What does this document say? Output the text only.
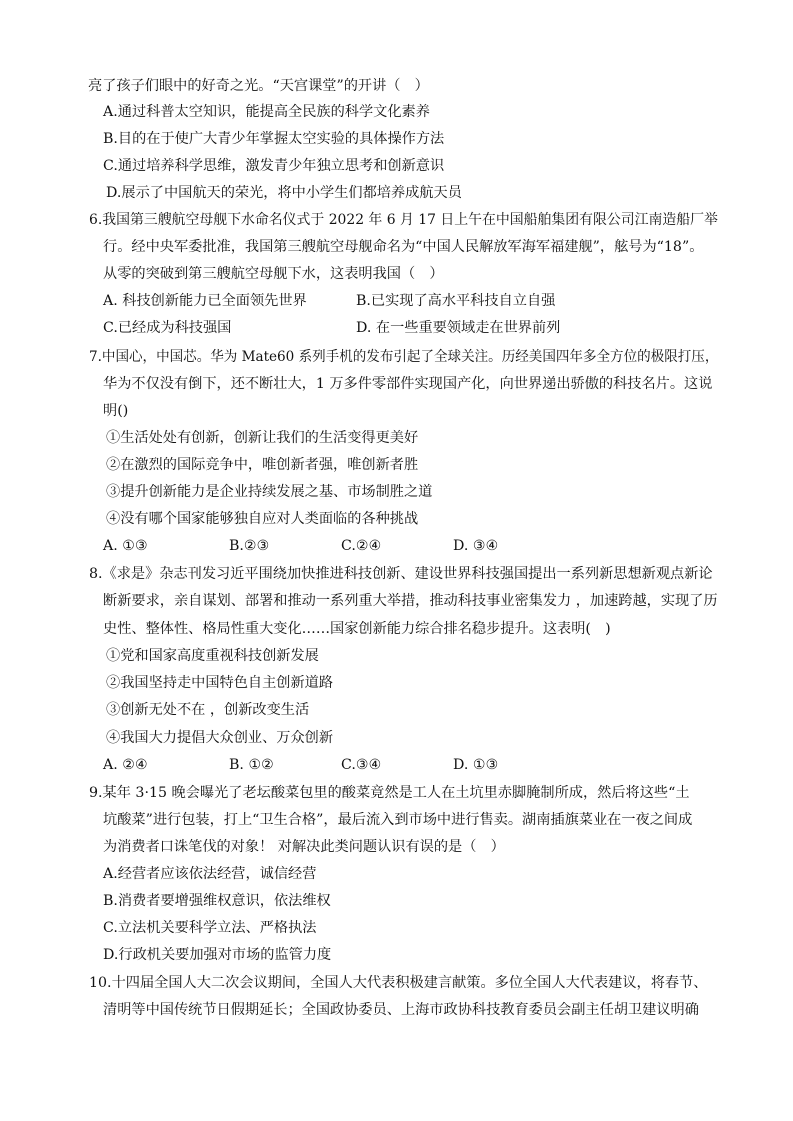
亮了孩子们眼中的好奇之光。“天宫课堂”的开讲（　）
A.通过科普太空知识，能提高全民族的科学文化素养
B.目的在于使广大青少年掌握太空实验的具体操作方法
C.通过培养科学思维，激发青少年独立思考和创新意识
D.展示了中国航天的荣光，将中小学生们都培养成航天员
6.我国第三艘航空母舰下水命名仪式于 2022 年 6 月 17 日上午在中国船舶集团有限公司江南造船厂举
行。经中央军委批准，我国第三艘航空母舰命名为“中国人民解放军海军福建舰”，舷号为“18”。
从零的突破到第三艘航空母舰下水，这表明我国（　）
A. 科技创新能力已全面领先世界	B.已实现了高水平科技自立自强
C.已经成为科技强国	D. 在一些重要领域走在世界前列
7.中国心，中国芯。华为 Mate60 系列手机的发布引起了全球关注。历经美国四年多全方位的极限打压，
华为不仅没有倒下，还不断壮大，1 万多件零部件实现国产化，向世界递出骄傲的科技名片。这说
明()
①生活处处有创新，创新让我们的生活变得更美好
②在激烈的国际竞争中，唯创新者强，唯创新者胜
③提升创新能力是企业持续发展之基、市场制胜之道
④没有哪个国家能够独自应对人类面临的各种挑战
A. ①③	B.②③	C.②④	D. ③④
8.《求是》杂志刊发习近平围绕加快推进科技创新、建设世界科技强国提出一系列新思想新观点新论
断新要求，亲自谋划、部署和推动一系列重大举措，推动科技事业密集发力 ，加速跨越，实现了历
史性、整体性、格局性重大变化……国家创新能力综合排名稳步提升。这表明(　)
①党和国家高度重视科技创新发展
②我国坚持走中国特色自主创新道路
③创新无处不在 ，创新改变生活
④我国大力提倡大众创业、万众创新
A. ②④	B. ①②	C.③④	D. ①③
9.某年 3·15 晚会曝光了老坛酸菜包里的酸菜竟然是工人在土坑里赤脚腌制所成，然后将这些“土
坑酸菜”进行包装，打上“卫生合格”，最后流入到市场中进行售卖。湖南插旗菜业在一夜之间成
为消费者口诛笔伐的对象！ 对解决此类问题认识有误的是（　）
A.经营者应该依法经营，诚信经营
B.消费者要增强维权意识，依法维权
C.立法机关要科学立法、严格执法
D.行政机关要加强对市场的监管力度
10.十四届全国人大二次会议期间，全国人大代表积极建言献策。多位全国人大代表建议，将春节、
清明等中国传统节日假期延长；全国政协委员、上海市政协科技教育委员会副主任胡卫建议明确
